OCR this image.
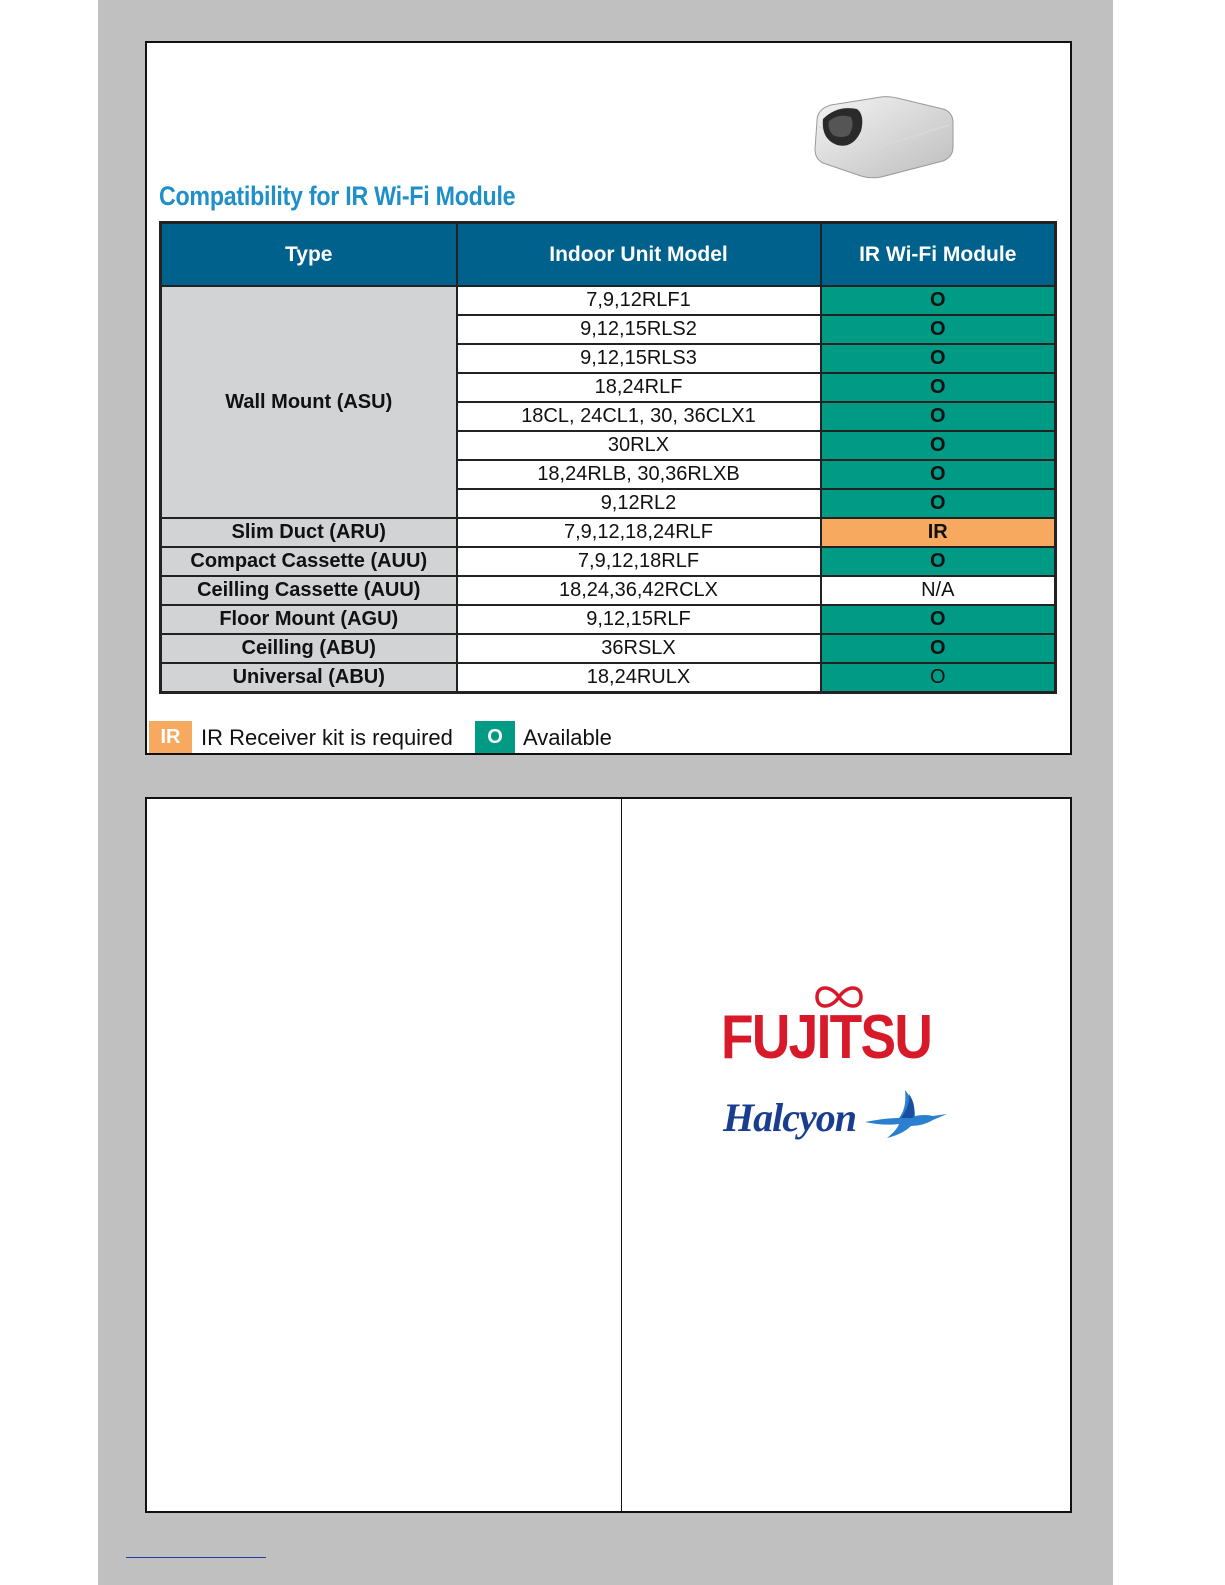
Compatibility for IR Wi-Fi Module
Type	Indoor Unit Model	IR Wi-Fi Module
Wall Mount (ASU)	7,9,12RLF1	O
	9,12,15RLS2	O
	9,12,15RLS3	O
	18,24RLF	O
	18CL, 24CL1, 30, 36CLX1	O
	30RLX	O
	18,24RLB, 30,36RLXB	O
	9,12RL2	O
Slim Duct (ARU)	7,9,12,18,24RLF	IR
Compact Cassette (AUU)	7,9,12,18RLF	O
Ceilling Cassette (AUU)	18,24,36,42RCLX	N/A
Floor Mount (AGU)	9,12,15RLF	O
Ceilling (ABU)	36RSLX	O
Universal (ABU)	18,24RULX	O
IR IR Receiver kit is required	O Available
FUJITSU
Halcyon
